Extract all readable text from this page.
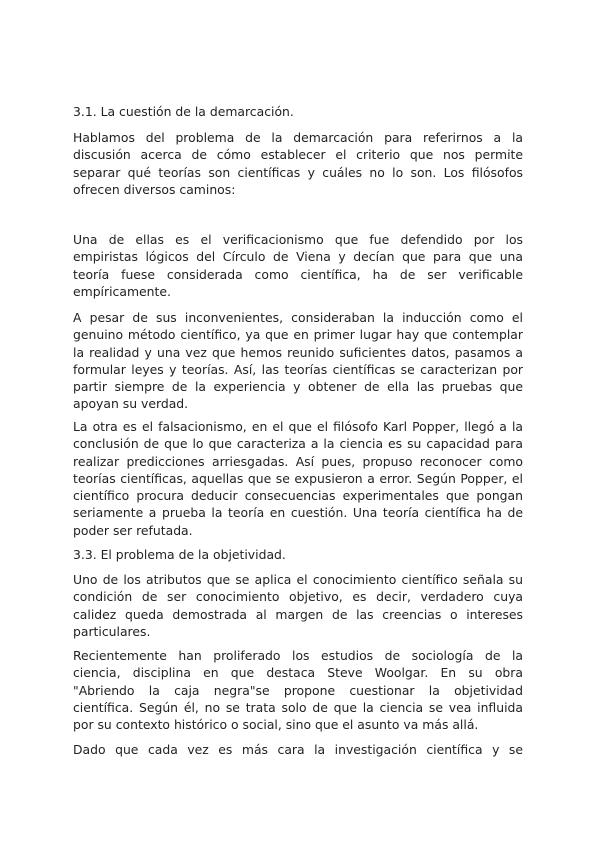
3.1. La cuestión de la demarcación.

Hablamos del problema de la demarcación para referirnos a la
discusión acerca de cómo establecer el criterio que nos permite
separar qué teorías son científicas y cuáles no lo son. Los filósofos
ofrecen diversos caminos:

Una de ellas es el verificacionismo que fue defendido por los
empiristas lógicos del Círculo de Viena y decían que para que una
teoría fuese considerada como científica, ha de ser verificable
empíricamente.

A pesar de sus inconvenientes, consideraban la inducción como el
genuino método científico, ya que en primer lugar hay que contemplar
la realidad y una vez que hemos reunido suficientes datos, pasamos a
formular leyes y teorías. Así, las teorías científicas se caracterizan por
partir siempre de la experiencia y obtener de ella las pruebas que
apoyan su verdad.

La otra es el falsacionismo, en el que el filósofo Karl Popper, llegó a la
conclusión de que lo que caracteriza a la ciencia es su capacidad para
realizar predicciones arriesgadas. Así pues, propuso reconocer como
teorías científicas, aquellas que se expusieron a error. Según Popper, el
científico procura deducir consecuencias experimentales que pongan
seriamente a prueba la teoría en cuestión. Una teoría científica ha de
poder ser refutada.

3.3. El problema de la objetividad.

Uno de los atributos que se aplica el conocimiento científico señala su
condición de ser conocimiento objetivo, es decir, verdadero cuya
calidez queda demostrada al margen de las creencias o intereses
particulares.

Recientemente han proliferado los estudios de sociología de la
ciencia, disciplina en que destaca Steve Woolgar. En su obra
"Abriendo la caja negra"se propone cuestionar la objetividad
científica. Según él, no se trata solo de que la ciencia se vea influida
por su contexto histórico o social, sino que el asunto va más allá.

Dado que cada vez es más cara la investigación científica y se
